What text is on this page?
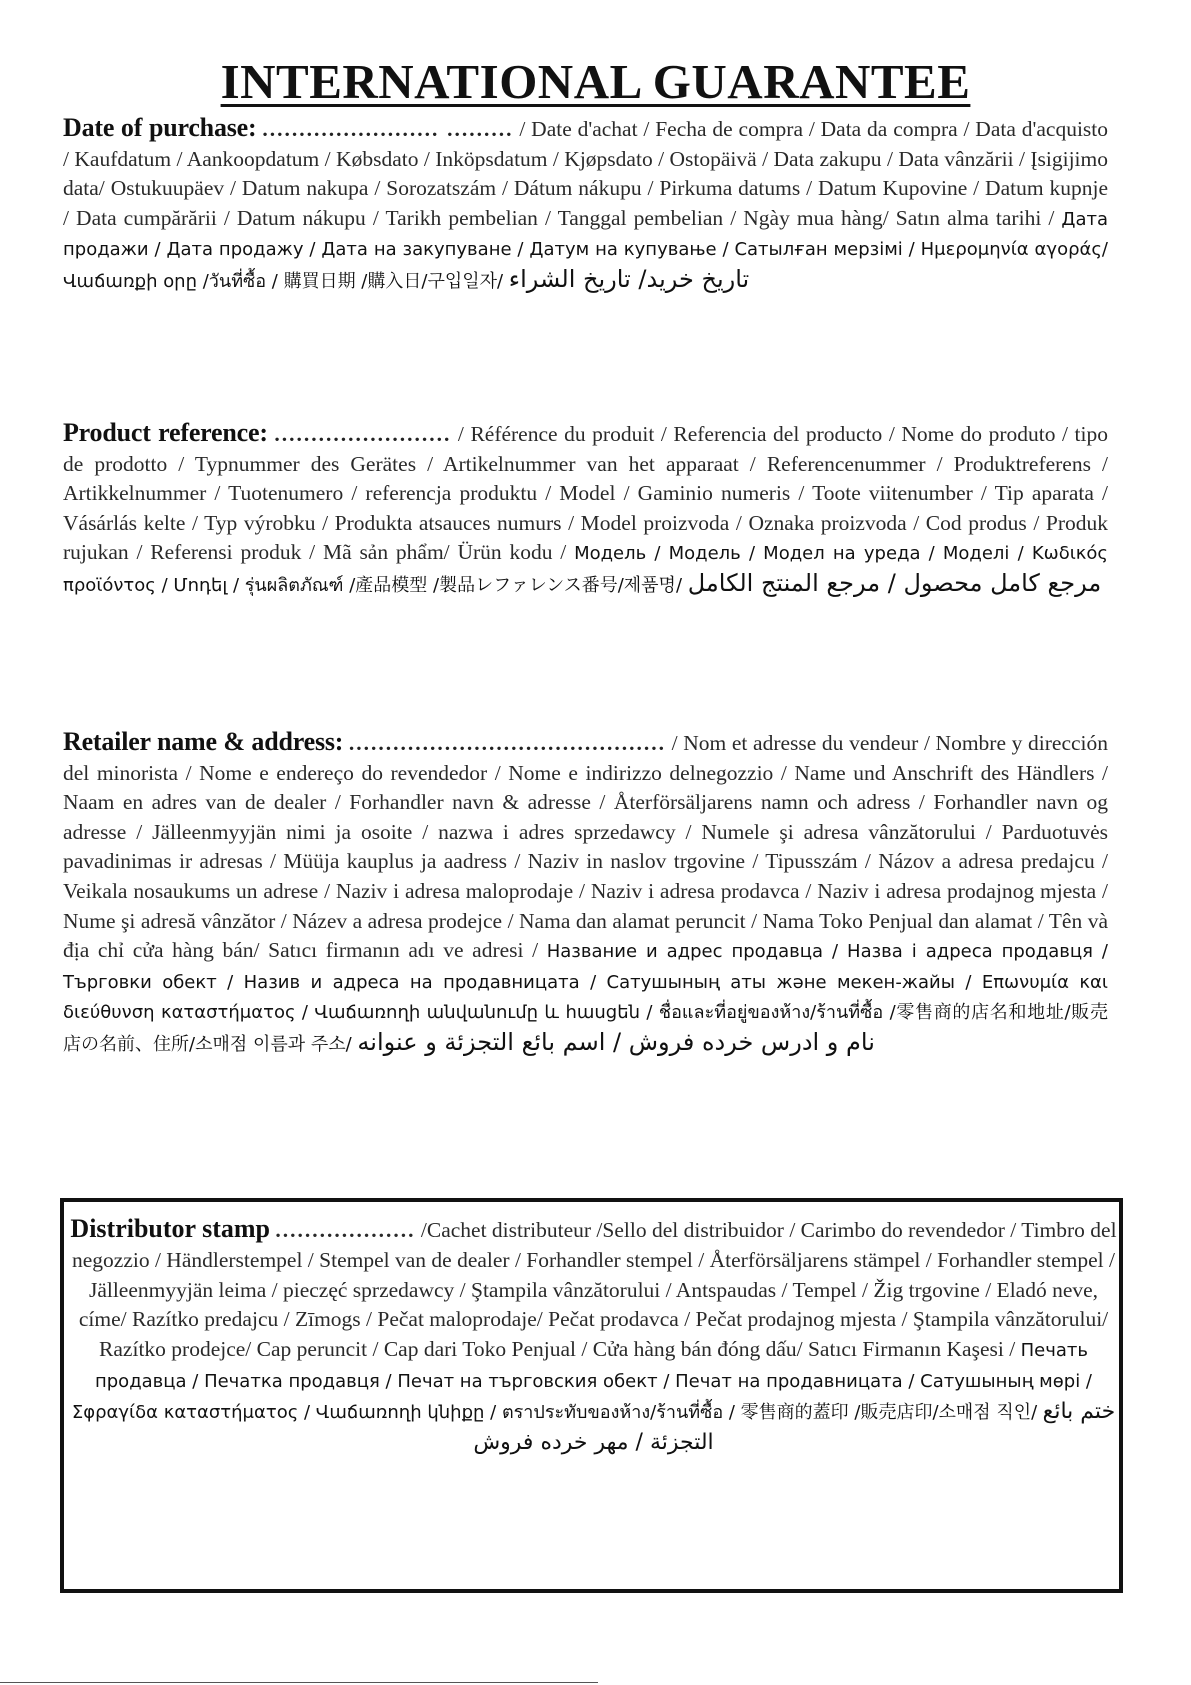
INTERNATIONAL GUARANTEE
Date of purchase: ........................ ......... / Date d'achat / Fecha de compra / Data da compra / Data d'acquisto / Kaufdatum / Aankoopdatum / Købsdato / Inköpsdatum / Kjøpsdato / Ostopäivä / Data zakupu / Data vânzării / Įsigijimo data/ Ostukuupäev / Datum nakupa / Sorozatszám / Dátum nákupu / Pirkuma datums / Datum Kupovine / Datum kupnje / Data cumpărării / Datum nákupu / Tarikh pembelian / Tanggal pembelian / Ngày mua hàng/ Satın alma tarihi / Дата продажи / Дата продажу / Дата на закупуване / Датум на купување / Сатылған мерзімі / Ημερομηνία αγοράς/ Վաճառքի օրը /วันที่ซื้อ / 購買日期 /購入日/구입일자/ تاریخ خرید/ تاريخ الشراء
Product reference: ........................ / Référence du produit / Referencia del producto / Nome do produto / tipo de prodotto / Typnummer des Gerätes / Artikelnummer van het apparaat / Referencenummer / Produktreferens / Artikkelnummer / Tuotenumero / referencja produktu / Model / Gaminio numeris / Toote viitenumber / Tip aparata / Vásárlás kelte / Typ výrobku / Produkta atsauces numurs / Model proizvoda / Oznaka proizvoda / Cod produs / Produk rujukan / Referensi produk / Mã sản phẩm/ Ürün kodu / Модель / Модель / Модел на уреда / Моделі / Κωδικός προϊόντος / Մոդել / รุ่นผลิตภัณฑ์ /產品模型 /製品レファレンス番号/제품명/ مرجع کامل محصول / مرجع المنتج الكامل
Retailer name & address: ........................................... / Nom et adresse du vendeur / Nombre y dirección del minorista / Nome e endereço do revendedor / Nome e indirizzo delnegozzio / Name und Anschrift des Händlers / Naam en adres van de dealer / Forhandler navn & adresse / Återförsäljarens namn och adress / Forhandler navn og adresse / Jälleenmyyjän nimi ja osoite / nazwa i adres sprzedawcy / Numele şi adresa vânzătorului / Parduotuvės pavadinimas ir adresas / Müüja kauplus ja aadress / Naziv in naslov trgovine / Tipusszám / Názov a adresa predajcu / Veikala nosaukums un adrese / Naziv i adresa maloprodaje / Naziv i adresa prodavca / Naziv i adresa prodajnog mjesta / Nume şi adresă vânzător / Název a adresa prodejce / Nama dan alamat peruncit / Nama Toko Penjual dan alamat / Tên và địa chỉ cửa hàng bán/ Satıcı firmanın adı ve adresi / Название и адрес продавца / Назва і адреса продавця / Търговки обект / Назив и адреса на продавницата / Сатушының аты және мекен-жайы / Επωνυμία και διεύθυνση καταστήματος / Վաճառողի անվանումը և հասցեն / ชื่อและที่อยู่ของห้าง/ร้านที่ซื้อ /零售商的店名和地址/販売店の名前、住所/소매점 이름과 주소/ نام و ادرس خرده فروش / اسم بائع التجزئة و عنوانه
Distributor stamp ................... /Cachet distributeur /Sello del distribuidor / Carimbo do revendedor / Timbro del negozzio / Händlerstempel / Stempel van de dealer / Forhandler stempel / Återförsäljarens stämpel / Forhandler stempel / Jälleenmyyjän leima / pieczęć sprzedawcy / Ştampila vânzătorului / Antspaudas / Tempel / Žig trgovine / Eladó neve, címe/ Razítko predajcu / Zīmogs / Pečat maloprodaje/ Pečat prodavca / Pečat prodajnog mjesta / Ştampila vânzătorului/ Razítko prodejce/ Cap peruncit / Cap dari Toko Penjual / Cửa hàng bán đóng dấu/ Satıcı Firmanın Kaşesi / Печать продавца / Печатка продавця / Печат на търговския обект / Печат на продавницата / Сатушының мөрі / Σφραγίδα καταστήματος / Վաճառողի կնիքը / ตราประทับของห้าง/ร้านที่ซื้อ / 零售商的蓋印 /販売店印/소매점 직인/ ختم بائع التجزئة / مهر خرده فروش
